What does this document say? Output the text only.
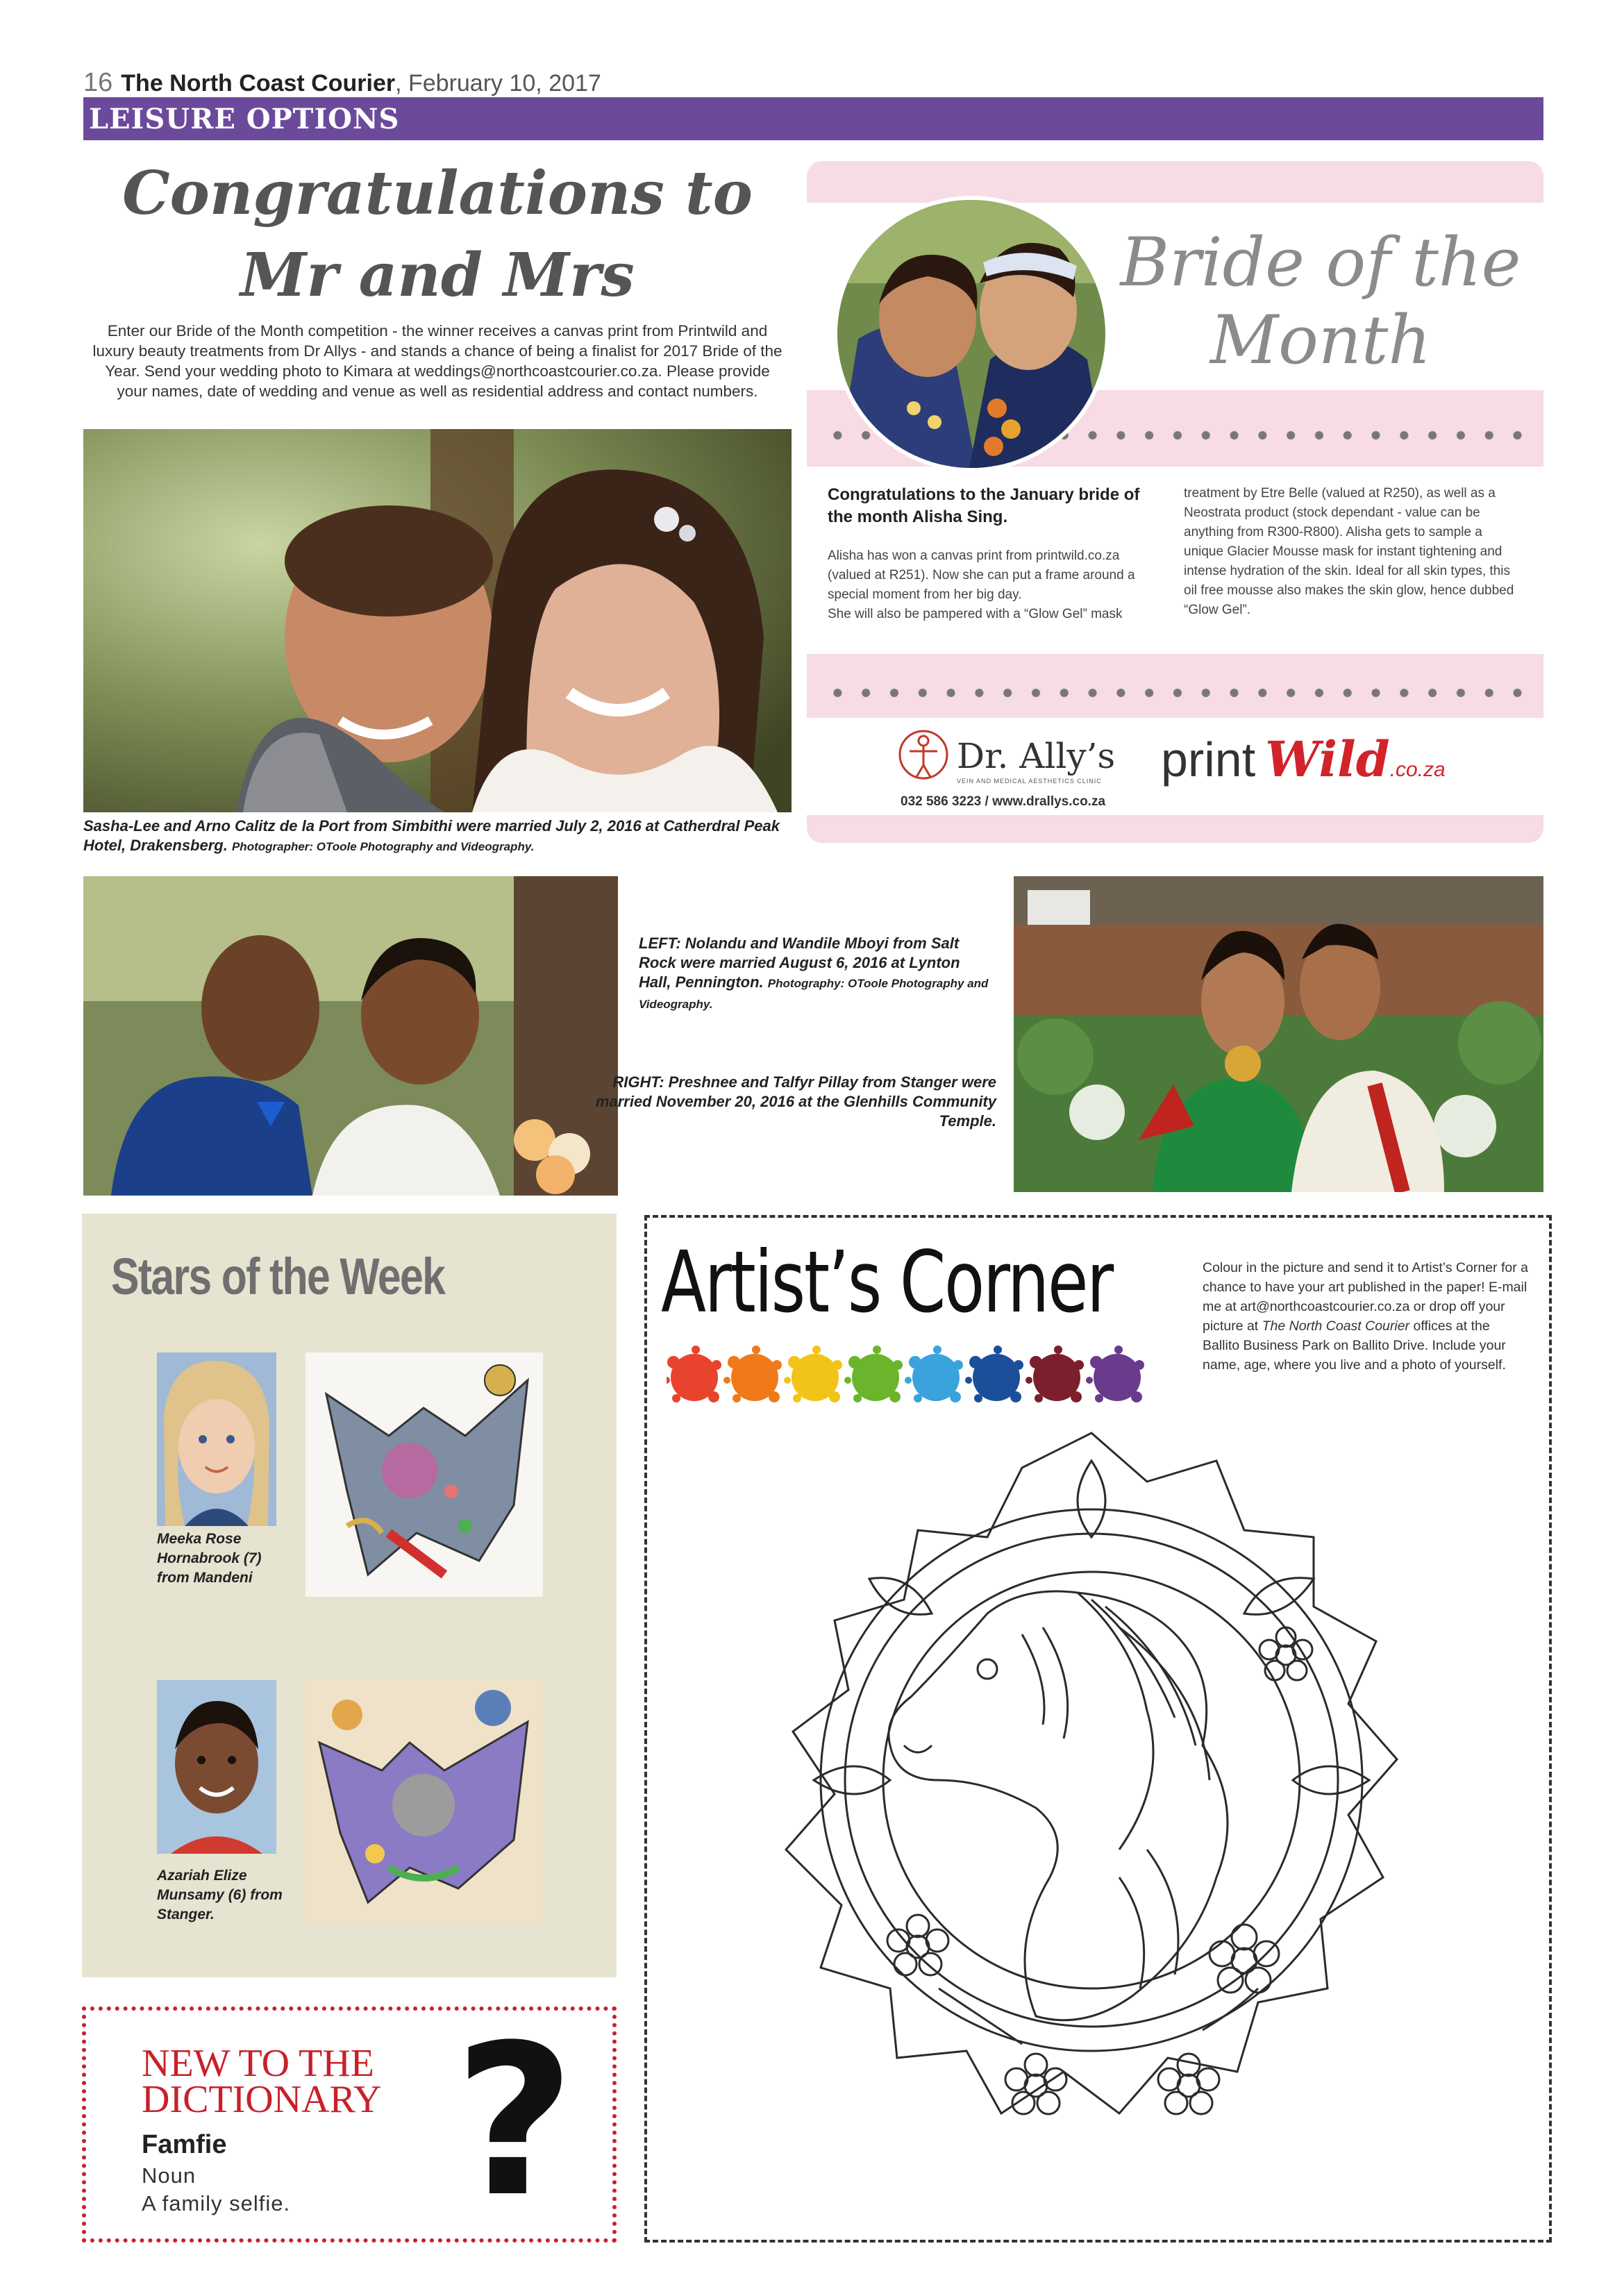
16 The North Coast Courier, February 10, 2017
LEISURE OPTIONS
Congratulations to
Mr and Mrs
Enter our Bride of the Month competition - the winner receives a canvas print from Printwild and luxury beauty treatments from Dr Allys - and stands a chance of being a finalist for 2017 Bride of the Year. Send your wedding photo to Kimara at weddings@northcoastcourier.co.za. Please provide your names, date of wedding and venue as well as residential address and contact numbers.
Sasha-Lee and Arno Calitz de la Port from Simbithi were married July 2, 2016 at Catherdral Peak Hotel, Drakensberg. Photographer: OToole Photography and Videography.
Bride of the
Month
Congratulations to the January bride of the month Alisha Sing.
Alisha has won a canvas print from printwild.co.za (valued at R251). Now she can put a frame around a special moment from her big day.
She will also be pampered with a “Glow Gel” mask
treatment by Etre Belle (valued at R250), as well as a Neostrata product (stock dependant - value can be anything from R300-R800). Alisha gets to sample a unique Glacier Mousse mask for instant tightening and intense hydration of the skin. Ideal for all skin types, this oil free mousse also makes the skin glow, hence dubbed “Glow Gel”.
Dr. Ally’s
VEIN AND MEDICAL AESTHETICS CLINIC
032 586 3223 / www.drallys.co.za
print Wild.co.za
LEFT: Nolandu and Wandile Mboyi from Salt Rock were married August 6, 2016 at Lynton Hall, Pennington. Photography: OToole Photography and Videography.
RIGHT: Preshnee and Talfyr Pillay from Stanger were married November 20, 2016 at the Glenhills Community Temple.
Stars of the Week
Meeka Rose Hornabrook (7) from Mandeni
Azariah Elize Munsamy (6) from Stanger.
NEW TO THE
DICTIONARY
Famfie
Noun
A family selfie. ?
Artist’s Corner	Colour in the picture and send it to Artist’s Corner for a chance to have your art published in the paper! E-mail me at art@northcoastcourier.co.za or drop off your picture at The North Coast Courier offices at the Ballito Business Park on Ballito Drive. Include your name, age, where you live and a photo of yourself.
